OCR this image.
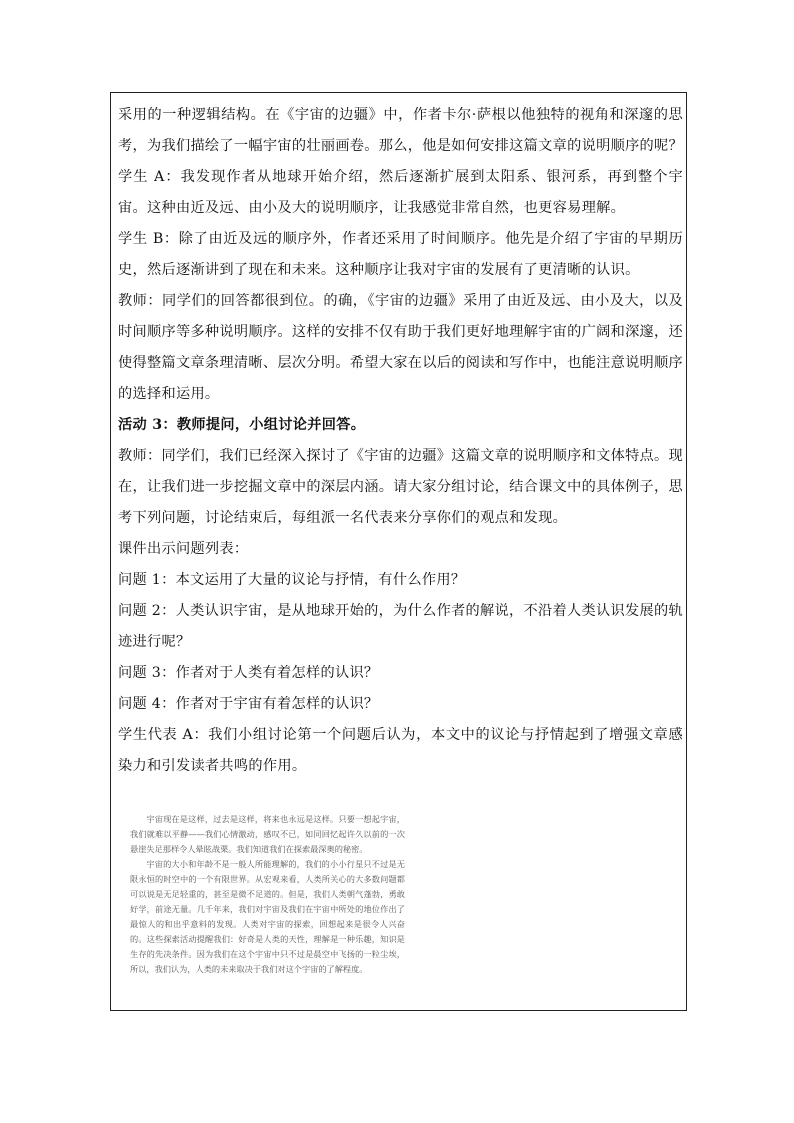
采用的一种逻辑结构。在《宇宙的边疆》中，作者卡尔·萨根以他独特的视角和深邃的思考，为我们描绘了一幅宇宙的壮丽画卷。那么，他是如何安排这篇文章的说明顺序的呢？

学生 A：我发现作者从地球开始介绍，然后逐渐扩展到太阳系、银河系，再到整个宇宙。这种由近及远、由小及大的说明顺序，让我感觉非常自然，也更容易理解。

学生 B：除了由近及远的顺序外，作者还采用了时间顺序。他先是介绍了宇宙的早期历史，然后逐渐讲到了现在和未来。这种顺序让我对宇宙的发展有了更清晰的认识。

教师：同学们的回答都很到位。的确，《宇宙的边疆》采用了由近及远、由小及大，以及时间顺序等多种说明顺序。这样的安排不仅有助于我们更好地理解宇宙的广阔和深邃，还使得整篇文章条理清晰、层次分明。希望大家在以后的阅读和写作中，也能注意说明顺序的选择和运用。

活动 3：教师提问，小组讨论并回答。

教师：同学们，我们已经深入探讨了《宇宙的边疆》这篇文章的说明顺序和文体特点。现在，让我们进一步挖掘文章中的深层内涵。请大家分组讨论，结合课文中的具体例子，思考下列问题，讨论结束后，每组派一名代表来分享你们的观点和发现。

课件出示问题列表：

问题 1：本文运用了大量的议论与抒情，有什么作用？

问题 2：人类认识宇宙，是从地球开始的，为什么作者的解说，不沿着人类认识发展的轨迹进行呢？

问题 3：作者对于人类有着怎样的认识？

问题 4：作者对于宇宙有着怎样的认识？

学生代表 A：我们小组讨论第一个问题后认为，本文中的议论与抒情起到了增强文章感染力和引发读者共鸣的作用。

宇宙现在是这样，过去是这样，将来也永远是这样。只要一想起宇宙，我们就难以平静——我们心情激动，感叹不已，如同回忆起许久以前的一次悬崖失足那样令人晕眩战栗。我们知道我们在探索最深奥的秘密。

宇宙的大小和年龄不是一般人所能理解的，我们的小小行星只不过是无限永恒的时空中的一个有限世界。从宏观来看，人类所关心的大多数问题都可以说是无足轻重的，甚至是微不足道的。但是，我们人类朝气蓬勃，勇敢好学，前途无量。几千年来，我们对宇宙及我们在宇宙中所处的地位作出了最惊人的和出乎意料的发现。人类对宇宙的探索，回想起来是很令人兴奋的。这些探索活动提醒我们：好奇是人类的天性，理解是一种乐趣，知识是生存的先决条件。因为我们在这个宇宙中只不过是晨空中飞扬的一粒尘埃，所以，我们认为，人类的未来取决于我们对这个宇宙的了解程度。
